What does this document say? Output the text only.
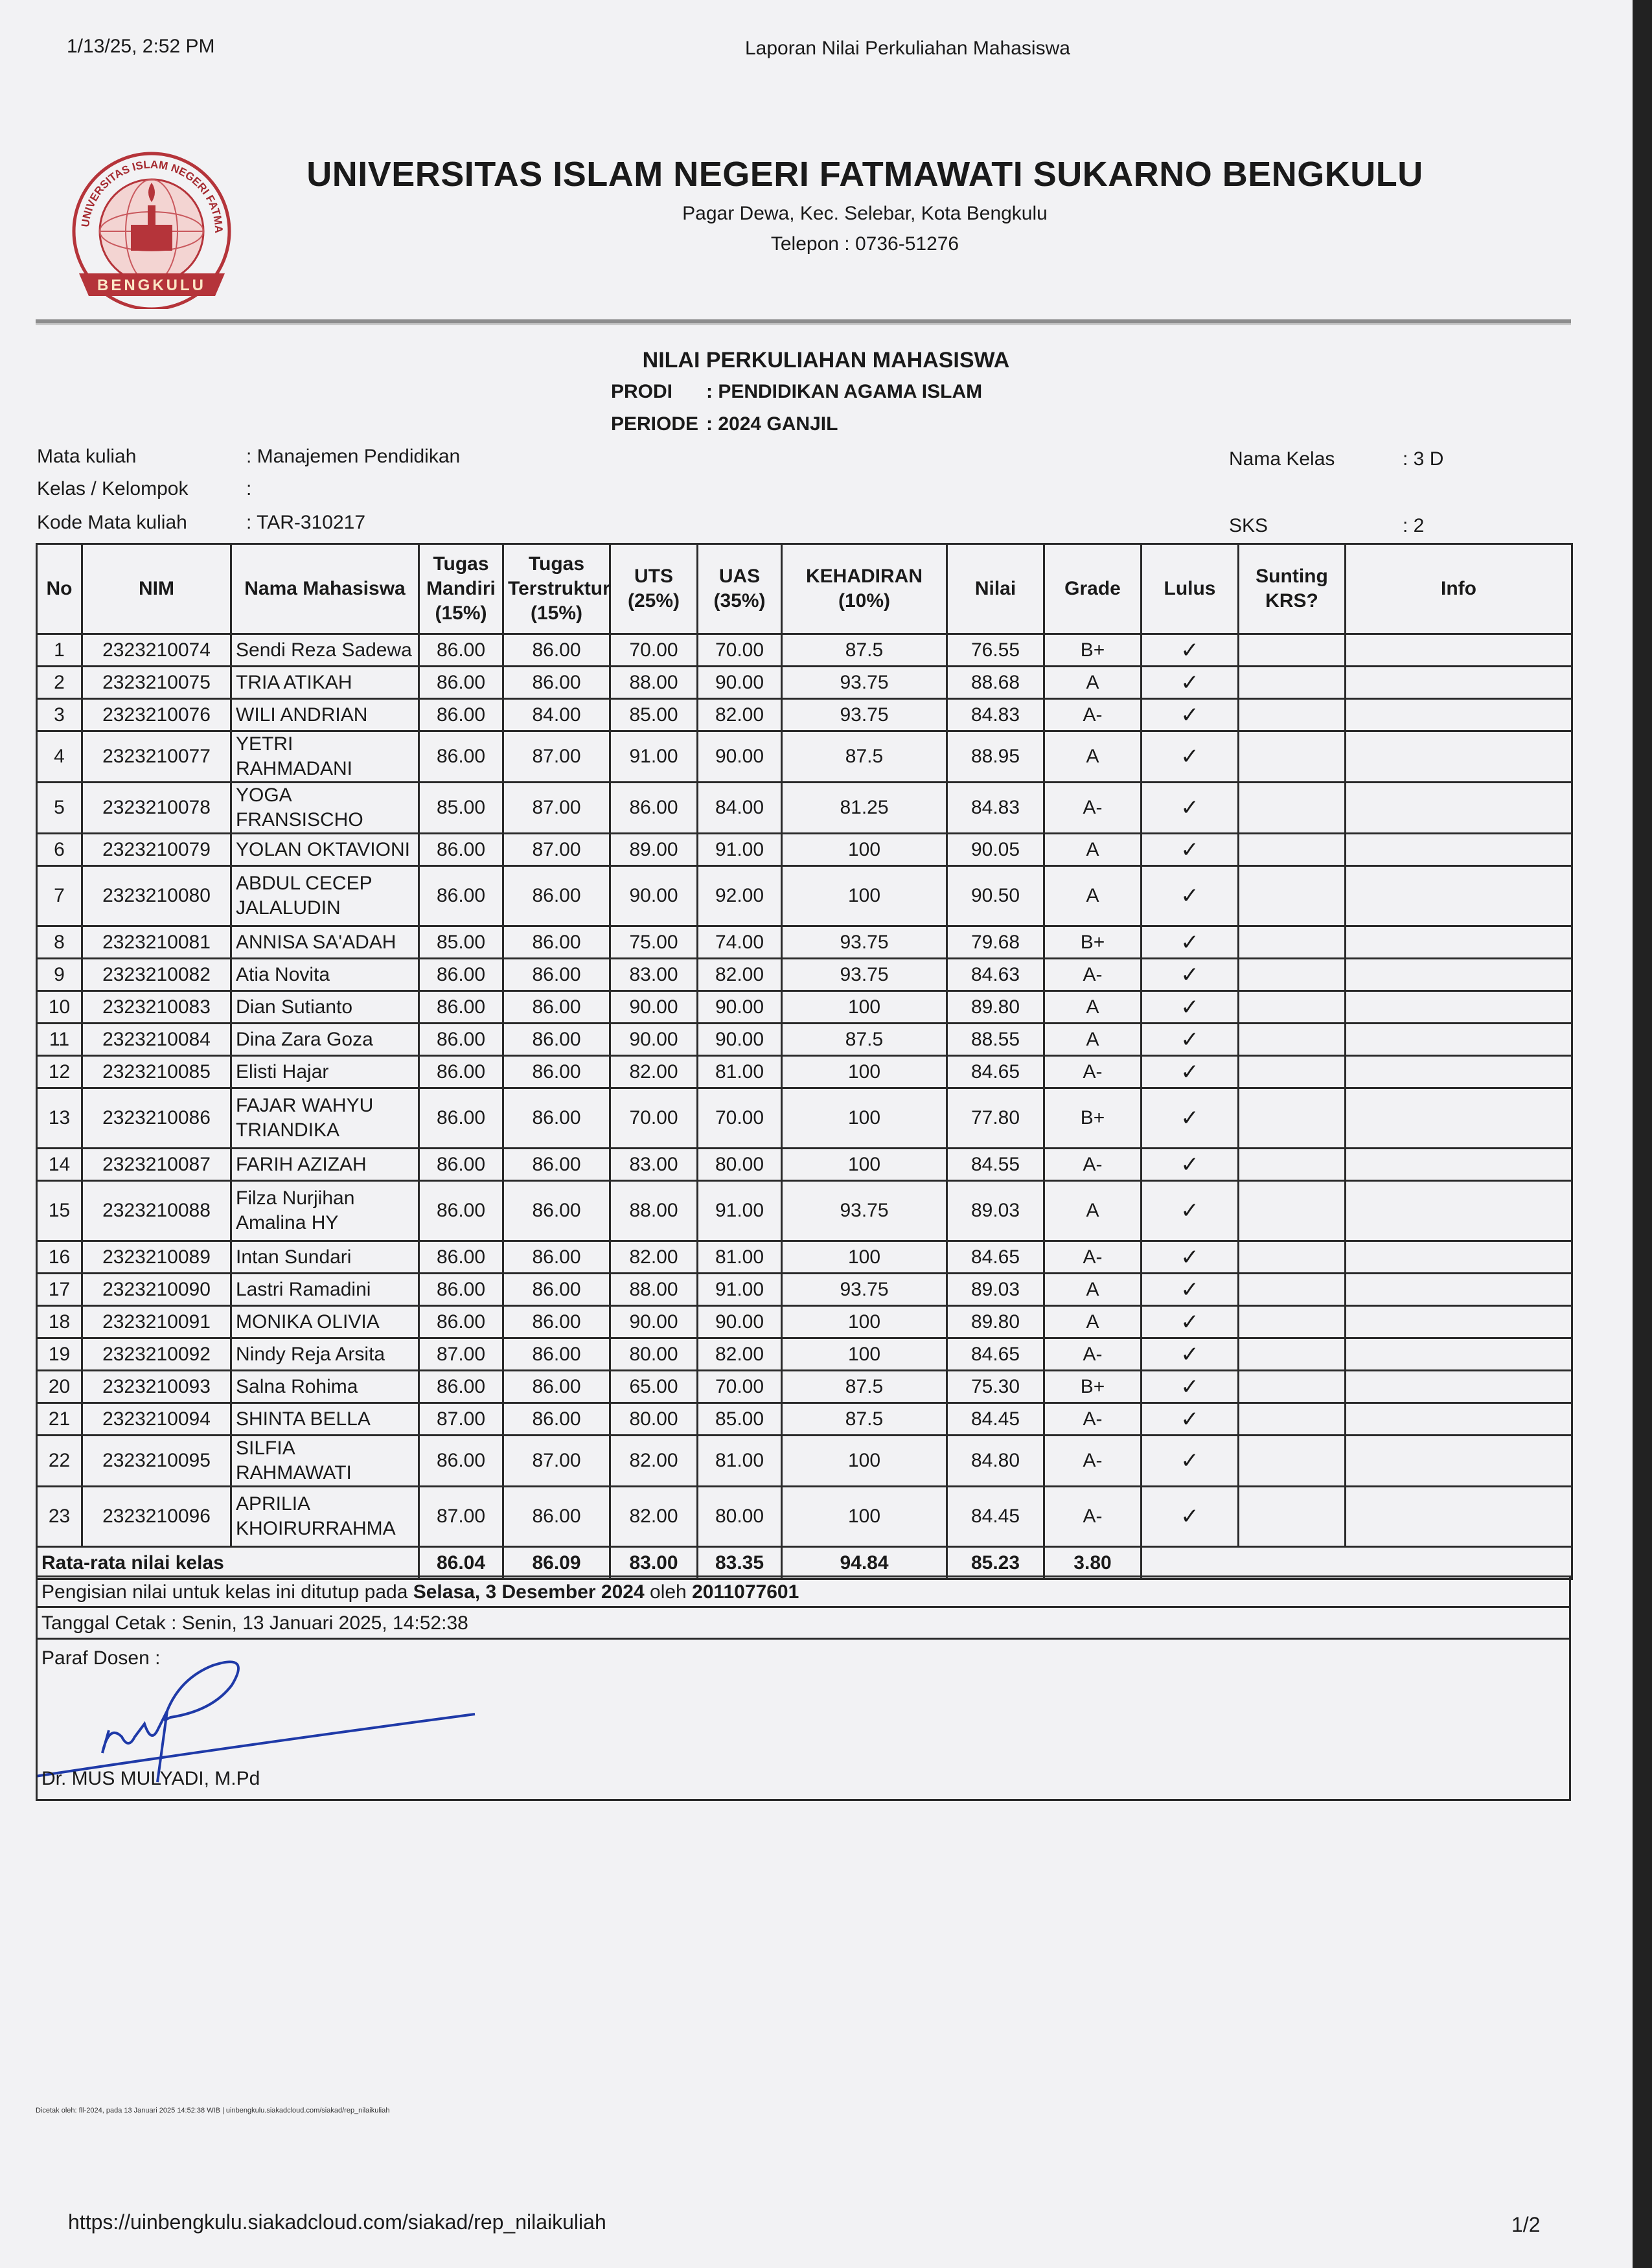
1/13/25, 2:52 PM	Laporan Nilai Perkuliahan Mahasiswa
UNIVERSITAS ISLAM NEGERI FATMA
BENGKULU
UNIVERSITAS ISLAM NEGERI FATMAWATI SUKARNO BENGKULU
Pagar Dewa, Kec. Selebar, Kota Bengkulu
Telepon : 0736-51276
NILAI PERKULIAHAN MAHASISWA
PRODI : PENDIDIKAN AGAMA ISLAM
PERIODE : 2024 GANJIL
Mata kuliah	: Manajemen Pendidikan
Kelas / Kelompok	:
Kode Mata kuliah	: TAR-310217
Nama Kelas	: 3 D
SKS	: 2
No	NIM	Nama Mahasiswa	Tugas Mandiri (15%)	Tugas Terstruktur (15%)	UTS (25%)	UAS (35%)	KEHADIRAN (10%)	Nilai	Grade	Lulus	Sunting KRS?	Info
1	2323210074	Sendi Reza Sadewa	86.00	86.00	70.00	70.00	87.5	76.55	B+	✓		
2	2323210075	TRIA ATIKAH	86.00	86.00	88.00	90.00	93.75	88.68	A	✓		
3	2323210076	WILI ANDRIAN	86.00	84.00	85.00	82.00	93.75	84.83	A-	✓		
4	2323210077	YETRI RAHMADANI	86.00	87.00	91.00	90.00	87.5	88.95	A	✓		
5	2323210078	YOGA FRANSISCHO	85.00	87.00	86.00	84.00	81.25	84.83	A-	✓		
6	2323210079	YOLAN OKTAVIONI	86.00	87.00	89.00	91.00	100	90.05	A	✓		
7	2323210080	ABDUL CECEP JALALUDIN	86.00	86.00	90.00	92.00	100	90.50	A	✓		
8	2323210081	ANNISA SA'ADAH	85.00	86.00	75.00	74.00	93.75	79.68	B+	✓		
9	2323210082	Atia Novita	86.00	86.00	83.00	82.00	93.75	84.63	A-	✓		
10	2323210083	Dian Sutianto	86.00	86.00	90.00	90.00	100	89.80	A	✓		
11	2323210084	Dina Zara Goza	86.00	86.00	90.00	90.00	87.5	88.55	A	✓		
12	2323210085	Elisti Hajar	86.00	86.00	82.00	81.00	100	84.65	A-	✓		
13	2323210086	FAJAR WAHYU TRIANDIKA	86.00	86.00	70.00	70.00	100	77.80	B+	✓		
14	2323210087	FARIH AZIZAH	86.00	86.00	83.00	80.00	100	84.55	A-	✓		
15	2323210088	Filza Nurjihan Amalina HY	86.00	86.00	88.00	91.00	93.75	89.03	A	✓		
16	2323210089	Intan Sundari	86.00	86.00	82.00	81.00	100	84.65	A-	✓		
17	2323210090	Lastri Ramadini	86.00	86.00	88.00	91.00	93.75	89.03	A	✓		
18	2323210091	MONIKA OLIVIA	86.00	86.00	90.00	90.00	100	89.80	A	✓		
19	2323210092	Nindy Reja Arsita	87.00	86.00	80.00	82.00	100	84.65	A-	✓		
20	2323210093	Salna Rohima	86.00	86.00	65.00	70.00	87.5	75.30	B+	✓		
21	2323210094	SHINTA BELLA	87.00	86.00	80.00	85.00	87.5	84.45	A-	✓		
22	2323210095	SILFIA RAHMAWATI	86.00	87.00	82.00	81.00	100	84.80	A-	✓		
23	2323210096	APRILIA KHOIRURRAHMA	87.00	86.00	82.00	80.00	100	84.45	A-	✓		
Rata-rata nilai kelas			86.04	86.09	83.00	83.35	94.84	85.23	3.80			
Pengisian nilai untuk kelas ini ditutup pada Selasa, 3 Desember 2024 oleh 2011077601
Tanggal Cetak : Senin, 13 Januari 2025, 14:52:38
Paraf Dosen :
Dr. MUS MULYADI, M.Pd
Dicetak oleh: fll-2024, pada 13 Januari 2025 14:52:38 WIB | uinbengkulu.siakadcloud.com/siakad/rep_nilaikuliah
https://uinbengkulu.siakadcloud.com/siakad/rep_nilaikuliah	1/2
